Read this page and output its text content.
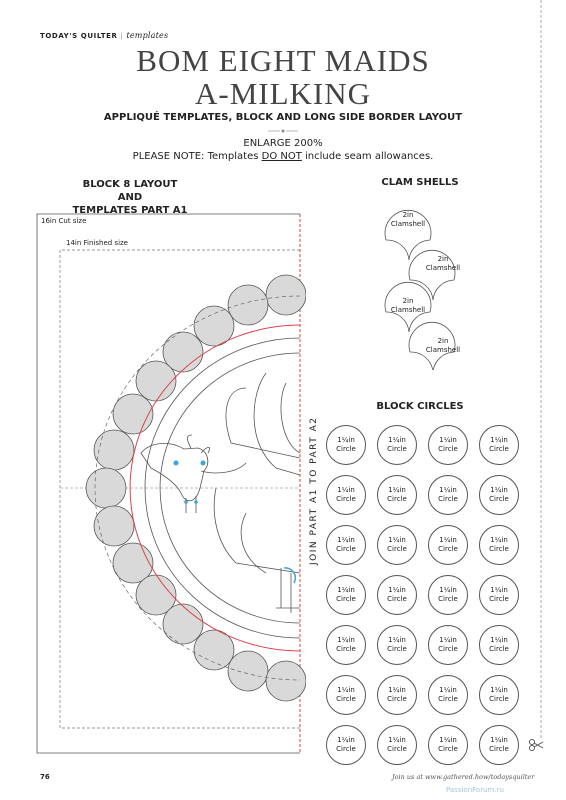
TODAY'S QUILTER | templates
BOM EIGHT MAIDS
A-MILKING
APPLIQUÉ TEMPLATES, BLOCK AND LONG SIDE BORDER LAYOUT
ENLARGE 200%
PLEASE NOTE: Templates DO NOT include seam allowances.
BLOCK 8 LAYOUT AND
TEMPLATES PART A1
16in Cut size
14in Finished size
JOIN PART A1 TO PART A2
CLAM SHELLS
2in
Clamshell
2in
Clamshell
2in
Clamshell
2in
Clamshell
BLOCK CIRCLES
1¼in
Circle
1¼in
Circle
1¼in
Circle
1¼in
Circle
1¼in
Circle
1¼in
Circle
1¼in
Circle
1¼in
Circle
1¼in
Circle
1¼in
Circle
1¼in
Circle
1¼in
Circle
1¼in
Circle
1¼in
Circle
1¼in
Circle
1¼in
Circle
1¼in
Circle
1¼in
Circle
1¼in
Circle
1¼in
Circle
1¼in
Circle
1¼in
Circle
1¼in
Circle
1¼in
Circle
1¼in
Circle
1¼in
Circle
1¼in
Circle
1¼in
Circle
76	Join us at www.gathered.how/todaysquilter
PassionForum.ru
